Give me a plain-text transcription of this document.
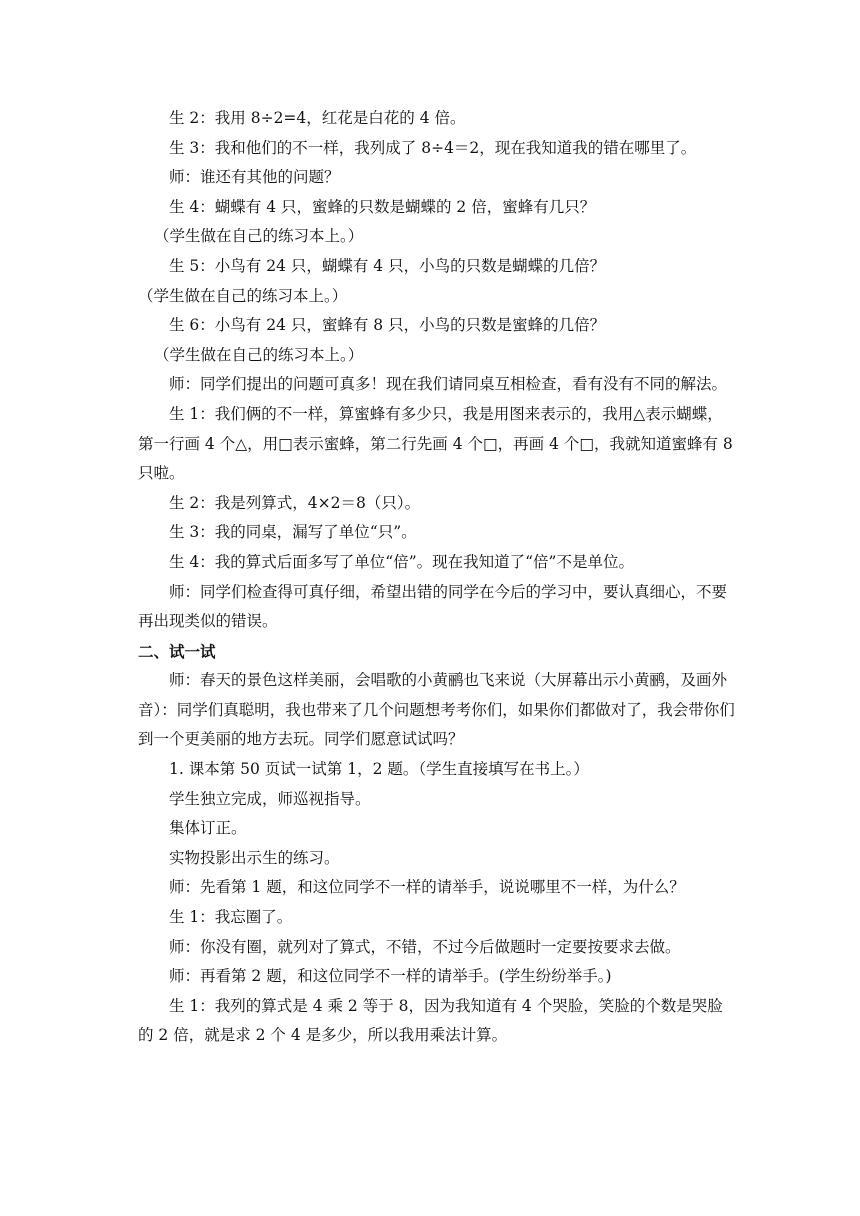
生 2：我用 8÷2=4，红花是白花的 4 倍。

生 3：我和他们的不一样，我列成了 8÷4＝2，现在我知道我的错在哪里了。

师：谁还有其他的问题？

生 4：蝴蝶有 4 只，蜜蜂的只数是蝴蝶的 2 倍，蜜蜂有几只？

（学生做在自己的练习本上。）

生 5：小鸟有 24 只，蝴蝶有 4 只，小鸟的只数是蝴蝶的几倍？

（学生做在自己的练习本上。）

生 6：小鸟有 24 只，蜜蜂有 8 只，小鸟的只数是蜜蜂的几倍？

（学生做在自己的练习本上。）

师：同学们提出的问题可真多！现在我们请同桌互相检查，看有没有不同的解法。

生 1：我们俩的不一样，算蜜蜂有多少只，我是用图来表示的，我用△表示蝴蝶，第一行画 4 个△，用□表示蜜蜂，第二行先画 4 个□，再画 4 个□，我就知道蜜蜂有 8 只啦。

生 2：我是列算式，4×2＝8（只）。

生 3：我的同桌，漏写了单位“只”。

生 4：我的算式后面多写了单位“倍”。现在我知道了“倍”不是单位。

师：同学们检查得可真仔细，希望出错的同学在今后的学习中，要认真细心，不要再出现类似的错误。

二、试一试

师：春天的景色这样美丽，会唱歌的小黄鹂也飞来说（大屏幕出示小黄鹂，及画外音）：同学们真聪明，我也带来了几个问题想考考你们，如果你们都做对了，我会带你们到一个更美丽的地方去玩。同学们愿意试试吗？

1. 课本第 50 页试一试第 1，2 题。（学生直接填写在书上。）

学生独立完成，师巡视指导。

集体订正。

实物投影出示生的练习。

师：先看第 1 题，和这位同学不一样的请举手，说说哪里不一样，为什么？

生 1：我忘圈了。

师：你没有圈，就列对了算式，不错，不过今后做题时一定要按要求去做。

师：再看第 2 题，和这位同学不一样的请举手。(学生纷纷举手。)

生 1：我列的算式是 4 乘 2 等于 8，因为我知道有 4 个哭脸，笑脸的个数是哭脸的 2 倍，就是求 2 个 4 是多少，所以我用乘法计算。
